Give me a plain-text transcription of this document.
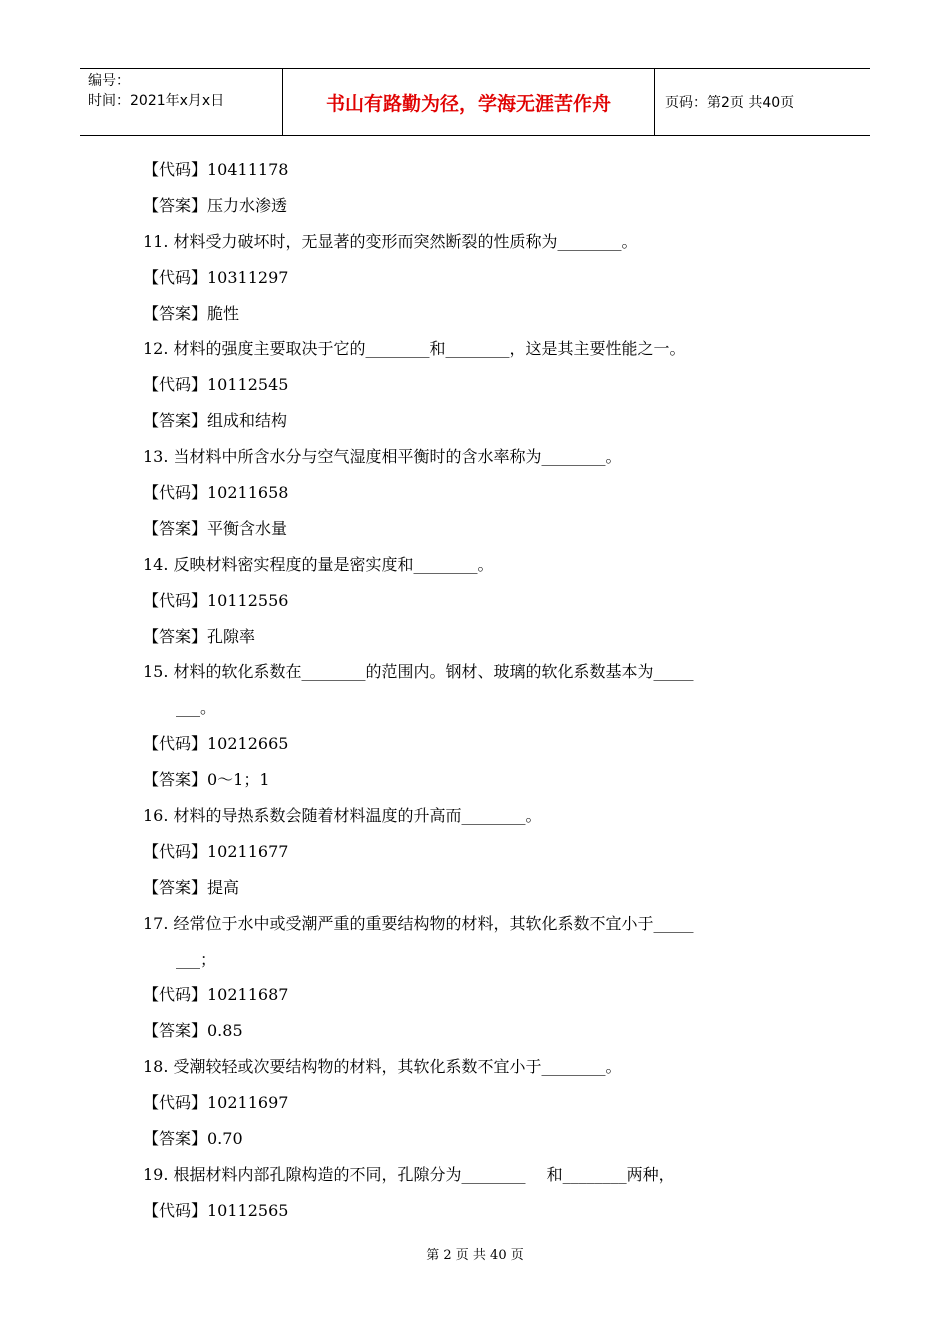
编号：
时间：2021年x月x日	书山有路勤为径，学海无涯苦作舟	页码：第2页 共40页
【代码】10411178
【答案】压力水渗透
11. 材料受力破坏时，无显著的变形而突然断裂的性质称为________。
【代码】10311297
【答案】脆性
12. 材料的强度主要取决于它的________和________，这是其主要性能之一。
【代码】10112545
【答案】组成和结构
13. 当材料中所含水分与空气湿度相平衡时的含水率称为________。
【代码】10211658
【答案】平衡含水量
14. 反映材料密实程度的量是密实度和________。
【代码】10112556
【答案】孔隙率
15. 材料的软化系数在________的范围内。钢材、玻璃的软化系数基本为_____
___。
【代码】10212665
【答案】0～1；1
16. 材料的导热系数会随着材料温度的升高而________。
【代码】10211677
【答案】提高
17. 经常位于水中或受潮严重的重要结构物的材料，其软化系数不宜小于_____
___；
【代码】10211687
【答案】0.85
18. 受潮较轻或次要结构物的材料，其软化系数不宜小于________。
【代码】10211697
【答案】0.70
19. 根据材料内部孔隙构造的不同，孔隙分为________　 和________两种，
【代码】10112565
第 2 页 共 40 页
